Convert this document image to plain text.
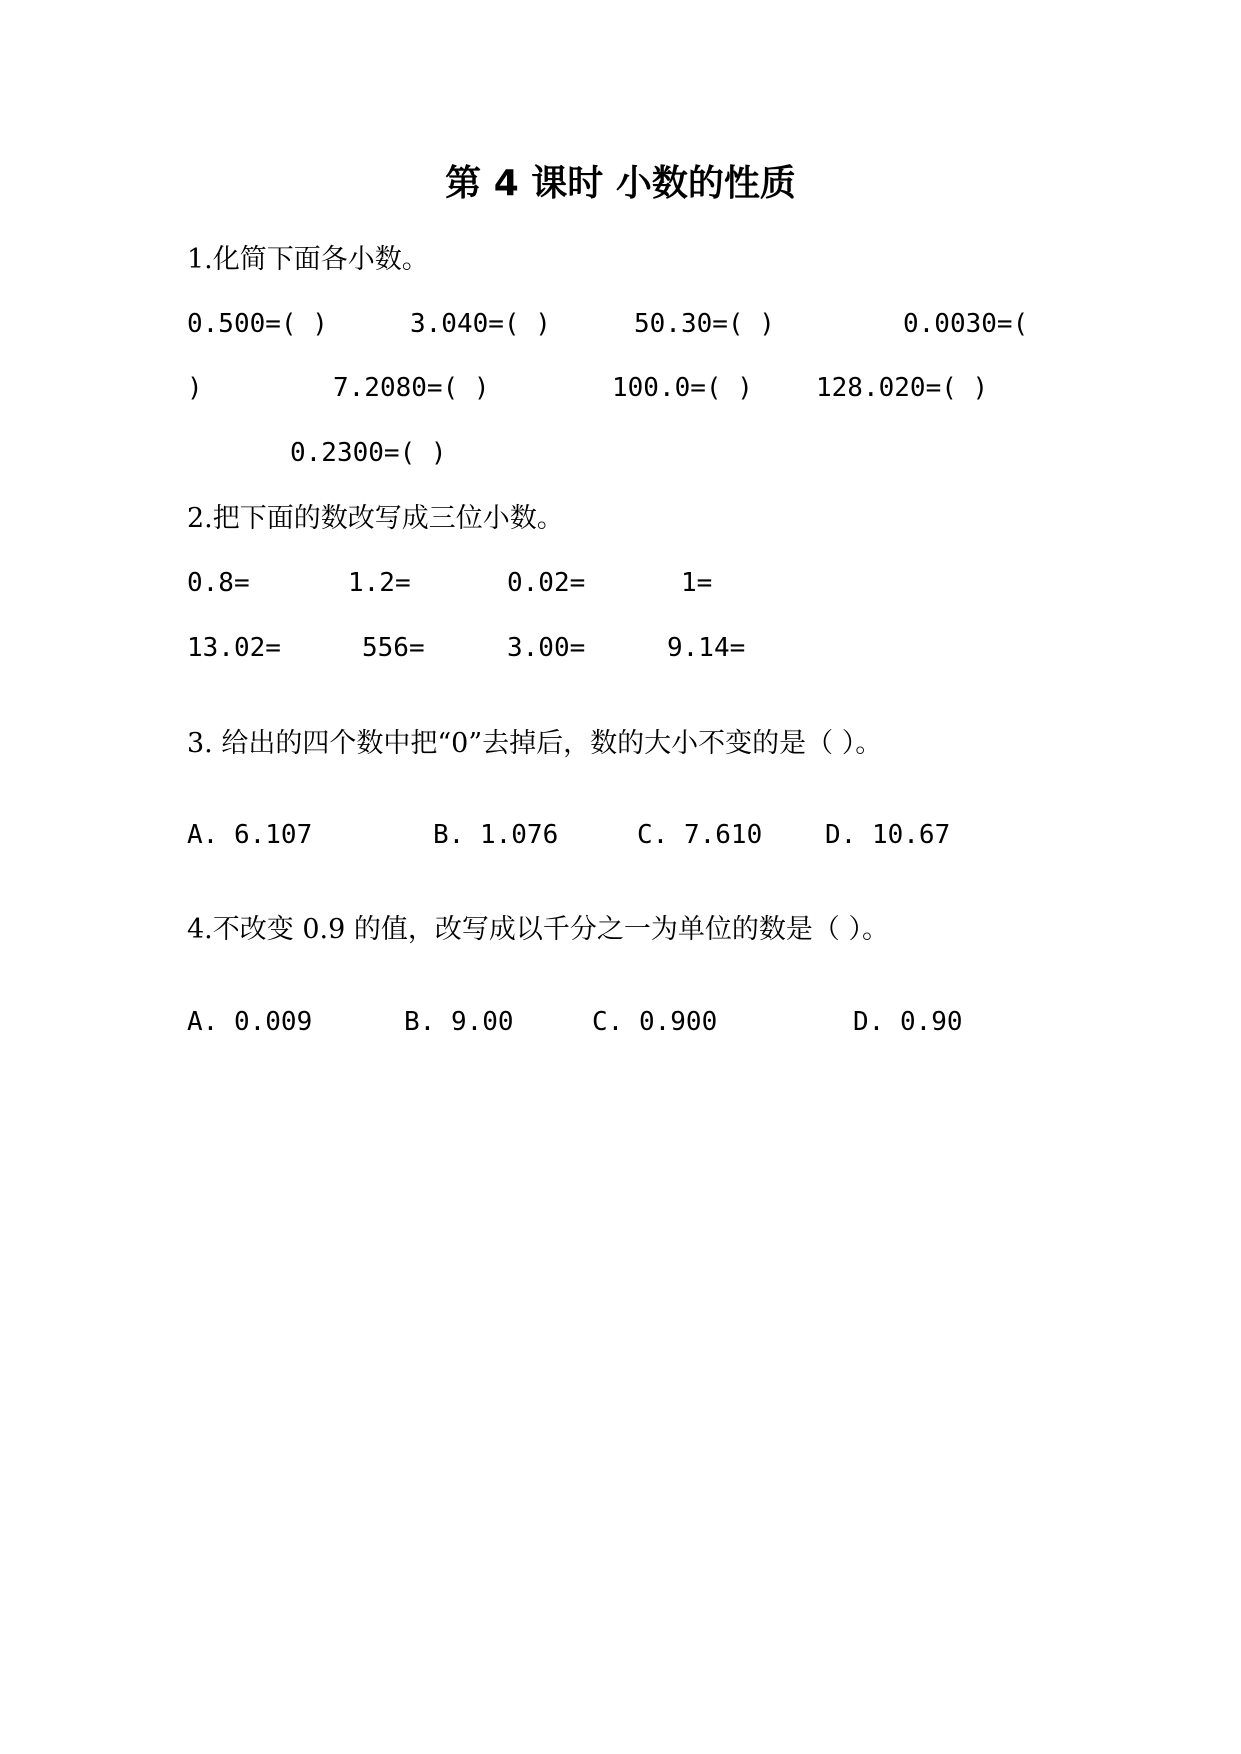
第 4 课时 小数的性质
1.化简下面各小数。
0.500=( )	3.040=( )	50.30=( )	0.0030=(
)	7.2080=( )	100.0=( ) 128.020=( )
0.2300=( )
2.把下面的数改写成三位小数。
0.8=	1.2=	0.02=	1=
13.02=	556=	3.00=	9.14=
3. 给出的四个数中把“0”去掉后，数的大小不变的是（ ）。
A. 6.107	B. 1.076	C. 7.610 D. 10.67
4.不改变 0.9 的值，改写成以千分之一为单位的数是（ ）。
A. 0.009	B. 9.00	C. 0.900	D. 0.90
